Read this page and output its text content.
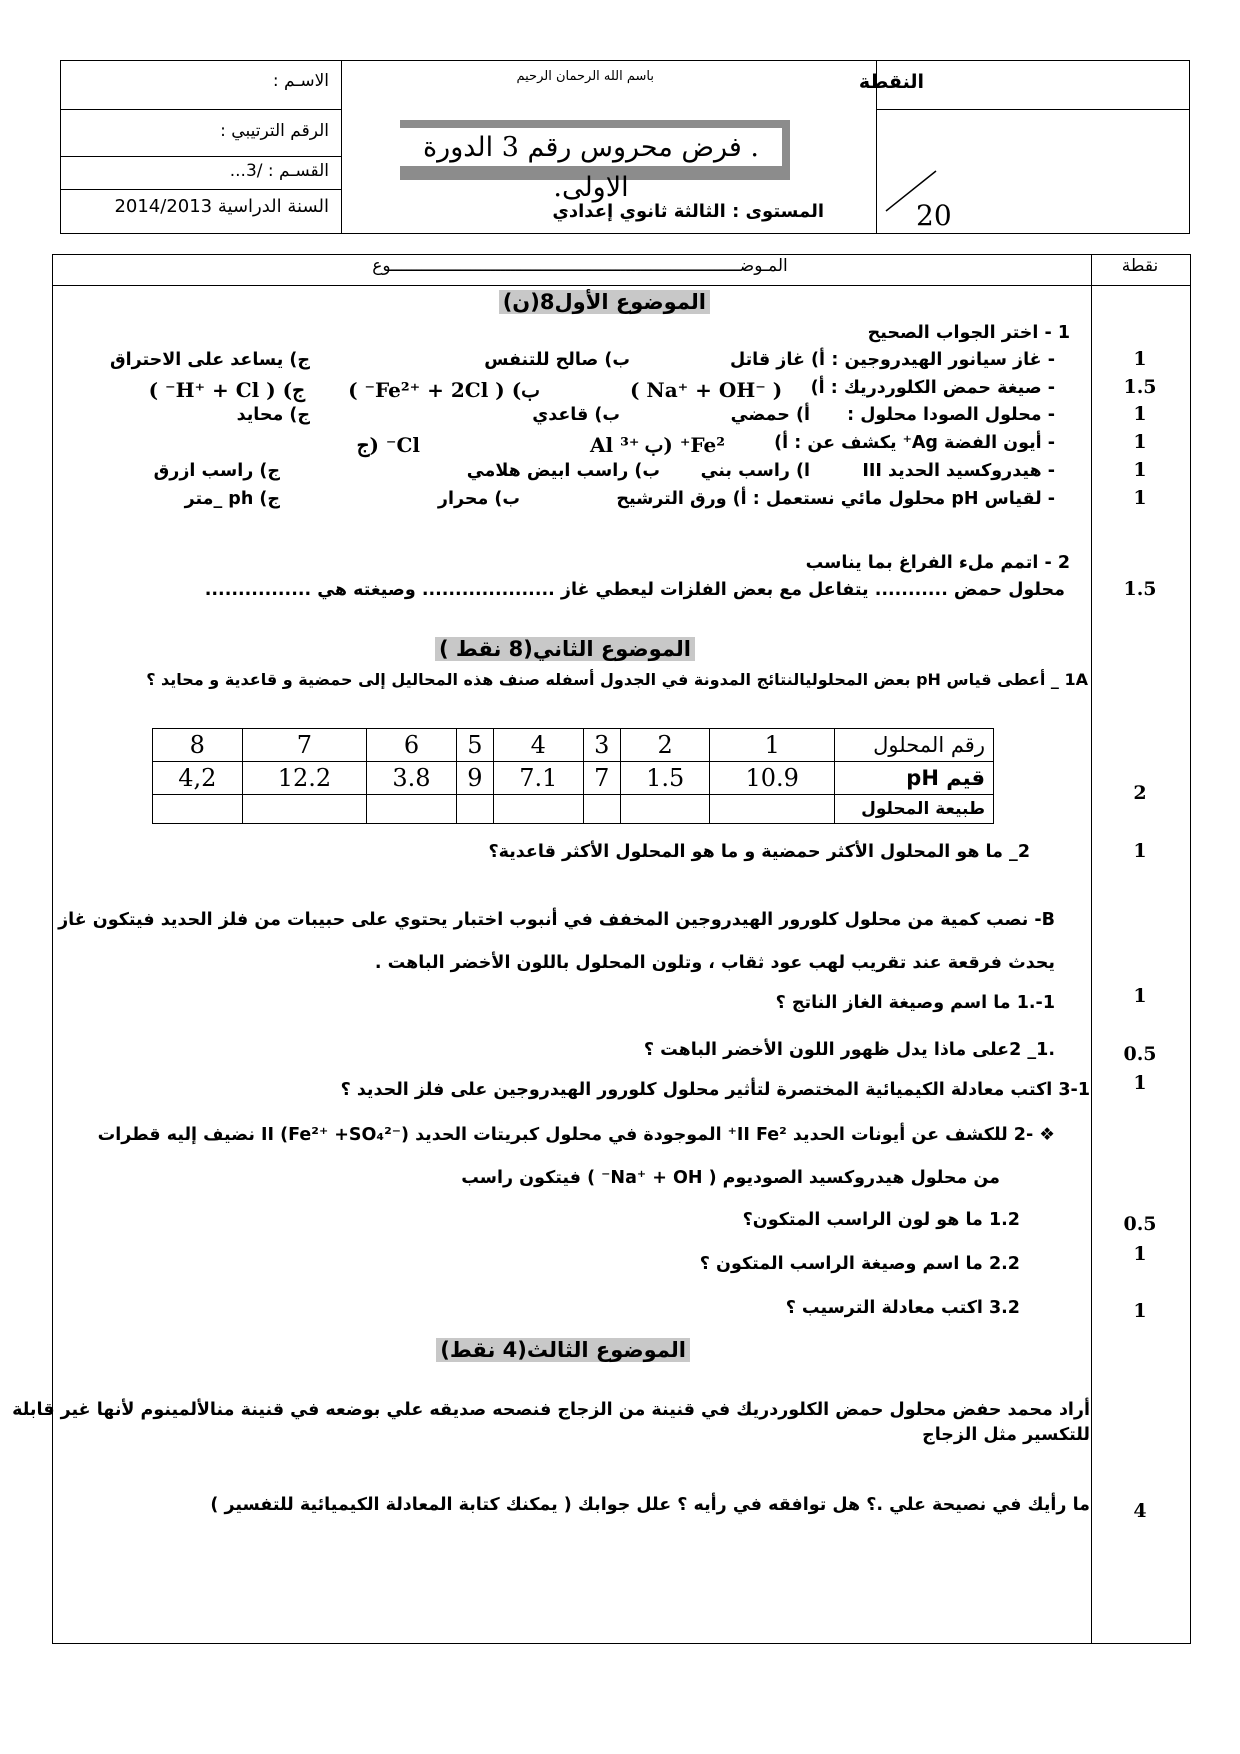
الاسـم :
الرقم الترتيبي :
القسـم : /3...
السنة الدراسية 2014/2013
باسم الله الرحمان الرحيم
المستوى : الثالثة ثانوي إعدادي
النقطة
20
. فرض محروس رقم 3 الدورة الاولى.
المـوضــــــــــــــــــــــــــــــــــــــــــــــــــــــــــــــــــــــوع	نقطة
الموضوع الأول8(ن)
1 - اختر الجواب الصحيح
- غاز سيانور الهيدروجين :
أ) غاز قاتل
ب) صالح للتنفس
ج) يساعد على الاحتراق	1
- صيغة حمض الكلوردريك : أ)
( Na⁺ + OH⁻ )
ب) ( Fe²⁺ + 2Cl⁻ )
ج) ( H⁺ + Cl⁻ )	1.5
- محلول الصودا محلول :
أ) حمضي
ب) قاعدي
ج) محايد	1
- أيون الفضة Ag⁺ يكشف عن : أ)
Fe²⁺ (ب
Al ³⁺
Cl⁻ (ج	1
- هيدروكسيد الحديد III
ا) راسب بني
ب) راسب ابيض هلامي
ج) راسب ازرق	1
- لقياس pH محلول مائي نستعمل : أ) ورق الترشيح
ب) محرار
ج) ph _متر	1
2 - اتمم ملء الفراغ بما يناسب
محلول حمض ........... يتفاعل مع بعض الفلزات ليعطي غاز .................... وصيغته هي ................	1.5
الموضوع الثاني(8 نقط )
1A _ أعطى قياس pH بعض المحلوليالنتائج المدونة في الجدول أسفله صنف هذه المحاليل إلى حمضية و قاعدية و محايد ؟
رقم المحلول	1	2	3	4	5	6	7	8
قيم pH	10.9	1.5	7	7.1	9	3.8	12.2	4,2
طبيعة المحلول								
2
2_ ما هو المحلول الأكثر حمضية و ما هو المحلول الأكثر قاعدية؟	1
B- نصب كمية من محلول كلورور الهيدروجين المخفف في أنبوب اختبار يحتوي على حبيبات من فلز الحديد فيتكون غاز
يحدث فرقعة عند تقريب لهب عود ثقاب ، وتلون المحلول باللون الأخضر الباهت .
1-.1 ما اسم وصيغة الغاز الناتج ؟	1
.1_ 2على ماذا يدل ظهور اللون الأخضر الباهت ؟	0.5
3-1 اكتب معادلة الكيميائية المختصرة لتأثير محلول كلورور الهيدروجين على فلز الحديد ؟	1
❖ -2 للكشف عن أيونات الحديد II Fe²⁺ الموجودة في محلول كبريتات الحديد II (Fe²⁺ +SO₄²⁻) نضيف إليه قطرات
من محلول هيدروكسيد الصوديوم ( Na⁺ + OH⁻ ) فيتكون راسب
1.2 ما هو لون الراسب المتكون؟	0.5
2.2 ما اسم وصيغة الراسب المتكون ؟	1
3.2 اكتب معادلة الترسيب ؟	1
الموضوع الثالث(4 نقط)
أراد محمد حفض محلول حمض الكلوردريك في قنينة من الزجاج فنصحه صديقه علي بوضعه في قنينة منالألمينوم لأنها غير قابلة
للتكسير مثل الزجاج
ما رأيك في نصيحة علي .؟ هل توافقه في رأيه ؟ علل جوابك ( يمكنك كتابة المعادلة الكيميائية للتفسير )	4
